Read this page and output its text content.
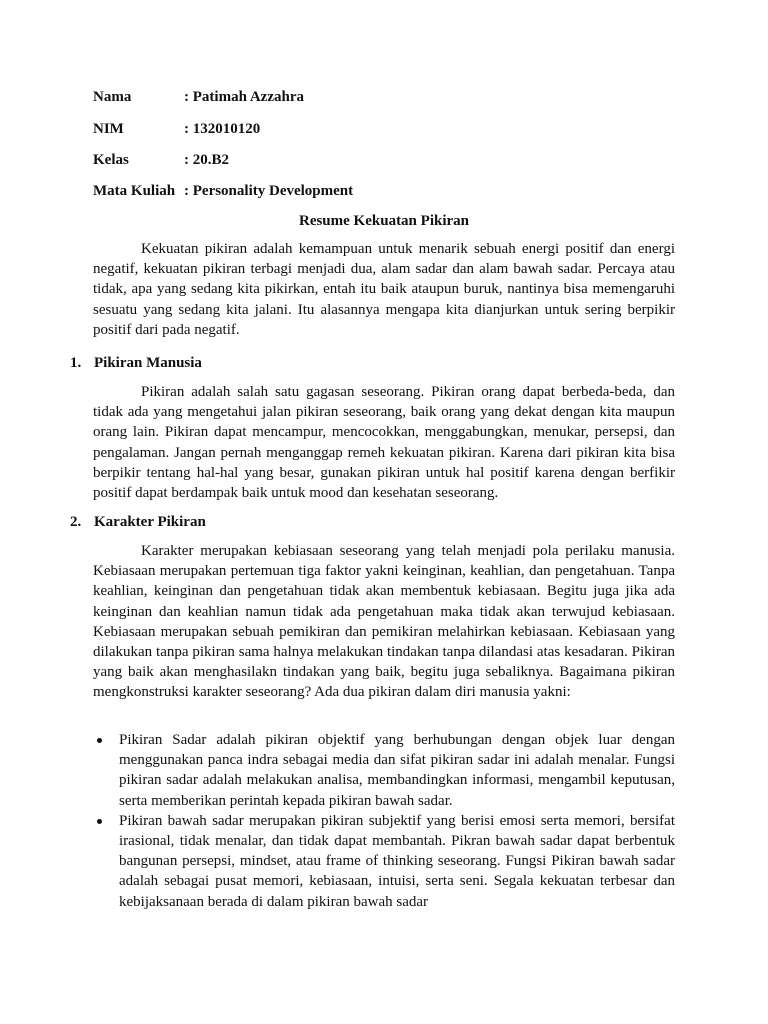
Nama	: Patimah Azzahra
NIM	: 132010120
Kelas	: 20.B2
Mata Kuliah : Personality Development
Resume Kekuatan Pikiran

Kekuatan pikiran adalah kemampuan untuk menarik sebuah energi positif dan energi negatif, kekuatan pikiran terbagi menjadi dua, alam sadar dan alam bawah sadar. Percaya atau tidak, apa yang sedang kita pikirkan, entah itu baik ataupun buruk, nantinya bisa memengaruhi sesuatu yang sedang kita jalani. Itu alasannya mengapa kita dianjurkan untuk sering berpikir positif dari pada negatif.

1. Pikiran Manusia

Pikiran adalah salah satu gagasan seseorang. Pikiran orang dapat berbeda-beda, dan tidak ada yang mengetahui jalan pikiran seseorang, baik orang yang dekat dengan kita maupun orang lain. Pikiran dapat mencampur, mencocokkan, menggabungkan, menukar, persepsi, dan pengalaman. Jangan pernah menganggap remeh kekuatan pikiran. Karena dari pikiran kita bisa berpikir tentang hal-hal yang besar, gunakan pikiran untuk hal positif karena dengan berfikir positif dapat berdampak baik untuk mood dan kesehatan seseorang.

2. Karakter Pikiran

Karakter merupakan kebiasaan seseorang yang telah menjadi pola perilaku manusia. Kebiasaan merupakan pertemuan tiga faktor yakni keinginan, keahlian, dan pengetahuan. Tanpa keahlian, keinginan dan pengetahuan tidak akan membentuk kebiasaan. Begitu juga jika ada keinginan dan keahlian namun tidak ada pengetahuan maka tidak akan terwujud kebiasaan. Kebiasaan merupakan sebuah pemikiran dan pemikiran melahirkan kebiasaan. Kebiasaan yang dilakukan tanpa pikiran sama halnya melakukan tindakan tanpa dilandasi atas kesadaran. Pikiran yang baik akan menghasilakn tindakan yang baik, begitu juga sebaliknya. Bagaimana pikiran mengkonstruksi karakter seseorang? Ada dua pikiran dalam diri manusia yakni:

Pikiran Sadar adalah pikiran objektif yang berhubungan dengan objek luar dengan menggunakan panca indra sebagai media dan sifat pikiran sadar ini adalah menalar. Fungsi pikiran sadar adalah melakukan analisa, membandingkan informasi, mengambil keputusan, serta memberikan perintah kepada pikiran bawah sadar.
Pikiran bawah sadar merupakan pikiran subjektif yang berisi emosi serta memori, bersifat irasional, tidak menalar, dan tidak dapat membantah. Pikran bawah sadar dapat berbentuk bangunan persepsi, mindset, atau frame of thinking seseorang. Fungsi Pikiran bawah sadar adalah sebagai pusat memori, kebiasaan, intuisi, serta seni. Segala kekuatan terbesar dan kebijaksanaan berada di dalam pikiran bawah sadar
